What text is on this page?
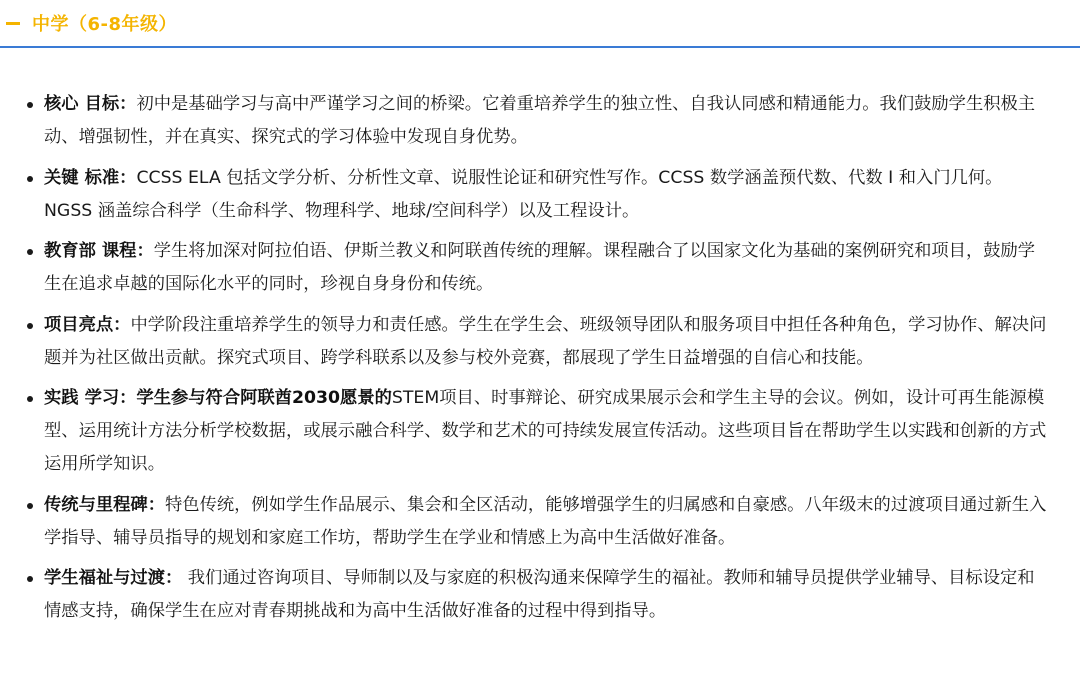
中学（6-8年级）
核心 目标：初中是基础学习与高中严谨学习之间的桥梁。它着重培养学生的独立性、自我认同感和精通能力。我们鼓励学生积极主动、增强韧性，并在真实、探究式的学习体验中发现自身优势。
关键 标准：CCSS ELA 包括文学分析、分析性文章、说服性论证和研究性写作。CCSS 数学涵盖预代数、代数 I 和入门几何。NGSS 涵盖综合科学（生命科学、物理科学、地球/空间科学）以及工程设计。
教育部 课程：学生将加深对阿拉伯语、伊斯兰教义和阿联酋传统的理解。课程融合了以国家文化为基础的案例研究和项目，鼓励学生在追求卓越的国际化水平的同时，珍视自身身份和传统。
项目亮点：中学阶段注重培养学生的领导力和责任感。学生在学生会、班级领导团队和服务项目中担任各种角色，学习协作、解决问题并为社区做出贡献。探究式项目、跨学科联系以及参与校外竞赛，都展现了学生日益增强的自信心和技能。
实践 学习：学生参与符合阿联酋2030愿景的STEM项目、时事辩论、研究成果展示会和学生主导的会议。例如，设计可再生能源模型、运用统计方法分析学校数据，或展示融合科学、数学和艺术的可持续发展宣传活动。这些项目旨在帮助学生以实践和创新的方式运用所学知识。
传统与里程碑：特色传统，例如学生作品展示、集会和全区活动，能够增强学生的归属感和自豪感。八年级末的过渡项目通过新生入学指导、辅导员指导的规划和家庭工作坊，帮助学生在学业和情感上为高中生活做好准备。
学生福祉与过渡： 我们通过咨询项目、导师制以及与家庭的积极沟通来保障学生的福祉。教师和辅导员提供学业辅导、目标设定和情感支持，确保学生在应对青春期挑战和为高中生活做好准备的过程中得到指导。
